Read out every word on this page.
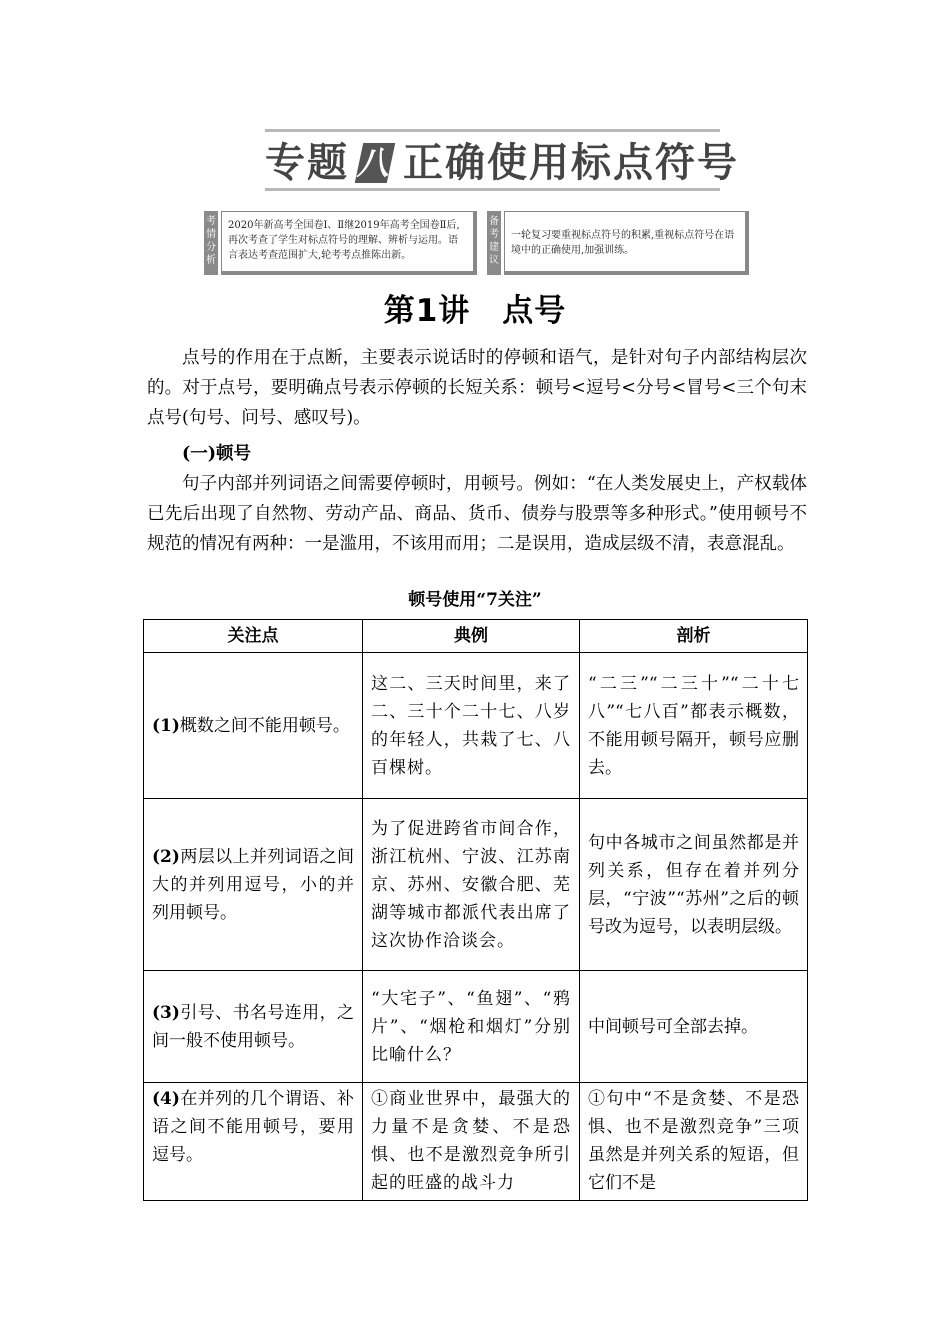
专题 八 正确使用标点符号
考情分析
2020年新高考全国卷Ⅰ、Ⅱ继2019年高考全国卷Ⅱ后,再次考查了学生对标点符号的理解、辨析与运用。语言表达考查范围扩大,轮考考点推陈出新。
备考建议
一轮复习要重视标点符号的积累,重视标点符号在语境中的正确使用,加强训练。
第1讲　点号

点号的作用在于点断，主要表示说话时的停顿和语气，是针对句子内部结构层次的。对于点号，要明确点号表示停顿的长短关系：顿号<逗号<分号<冒号<三个句末点号(句号、问号、感叹号)。

(一)顿号

句子内部并列词语之间需要停顿时，用顿号。例如：“在人类发展史上，产权载体已先后出现了自然物、劳动产品、商品、货币、债券与股票等多种形式。”使用顿号不规范的情况有两种：一是滥用，不该用而用；二是误用，造成层级不清，表意混乱。

顿号使用“7关注”

关注点	典例	剖析
(1)概数之间不能用顿号。	这二、三天时间里，来了二、三十个二十七、八岁的年轻人，共栽了七、八百棵树。	“二三”“二三十”“二十七八”“七八百”都表示概数，不能用顿号隔开，顿号应删去。
(2)两层以上并列词语之间大的并列用逗号，小的并列用顿号。	为了促进跨省市间合作，浙江杭州、宁波、江苏南京、苏州、安徽合肥、芜湖等城市都派代表出席了这次协作洽谈会。	句中各城市之间虽然都是并列关系，但存在着并列分层，“宁波”“苏州”之后的顿号改为逗号，以表明层级。
(3)引号、书名号连用，之间一般不使用顿号。	“大宅子”、“鱼翅”、“鸦片”、“烟枪和烟灯”分别比喻什么？	中间顿号可全部去掉。
(4)在并列的几个谓语、补语之间不能用顿号，要用逗号。	①商业世界中，最强大的力量不是贪婪、不是恐惧、也不是激烈竞争所引起的旺盛的战斗力	①句中“不是贪婪、不是恐惧、也不是激烈竞争”三项虽然是并列关系的短语，但它们不是
